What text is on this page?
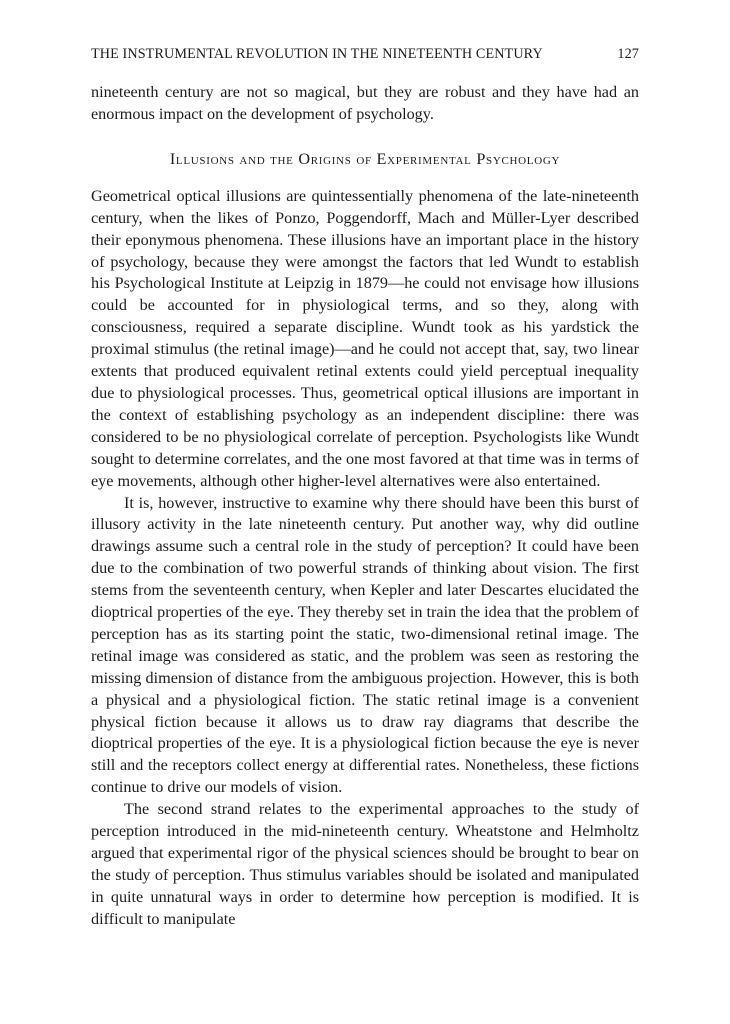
THE INSTRUMENTAL REVOLUTION IN THE NINETEENTH CENTURY	127

nineteenth century are not so magical, but they are robust and they have had an enormous impact on the development of psychology.

Illusions and the Origins of Experimental Psychology

Geometrical optical illusions are quintessentially phenomena of the late-nineteenth century, when the likes of Ponzo, Poggendorff, Mach and Müller-Lyer described their eponymous phenomena. These illusions have an important place in the history of psychology, because they were amongst the factors that led Wundt to establish his Psychological Institute at Leipzig in 1879—he could not envisage how illusions could be accounted for in physiological terms, and so they, along with consciousness, required a separate discipline. Wundt took as his yardstick the proximal stimulus (the retinal image)—and he could not accept that, say, two linear extents that produced equivalent retinal extents could yield perceptual inequality due to physiological processes. Thus, geometrical optical illusions are important in the context of establishing psychology as an independent discipline: there was considered to be no physiological correlate of perception. Psychologists like Wundt sought to determine correlates, and the one most favored at that time was in terms of eye movements, although other higher-level alternatives were also entertained.

It is, however, instructive to examine why there should have been this burst of illusory activity in the late nineteenth century. Put another way, why did outline drawings assume such a central role in the study of perception? It could have been due to the combination of two powerful strands of thinking about vision. The first stems from the seventeenth century, when Kepler and later Descartes elucidated the dioptrical properties of the eye. They thereby set in train the idea that the problem of perception has as its starting point the static, two-dimensional retinal image. The retinal image was considered as static, and the problem was seen as restoring the missing dimension of distance from the ambiguous projection. However, this is both a physical and a physiological fiction. The static retinal image is a convenient physical fiction because it allows us to draw ray diagrams that describe the dioptrical properties of the eye. It is a physiological fiction because the eye is never still and the receptors collect energy at differential rates. Nonetheless, these fictions continue to drive our models of vision.

The second strand relates to the experimental approaches to the study of perception introduced in the mid-nineteenth century. Wheatstone and Helmholtz argued that experimental rigor of the physical sciences should be brought to bear on the study of perception. Thus stimulus variables should be isolated and manipulated in quite unnatural ways in order to determine how perception is modified. It is difficult to manipulate
